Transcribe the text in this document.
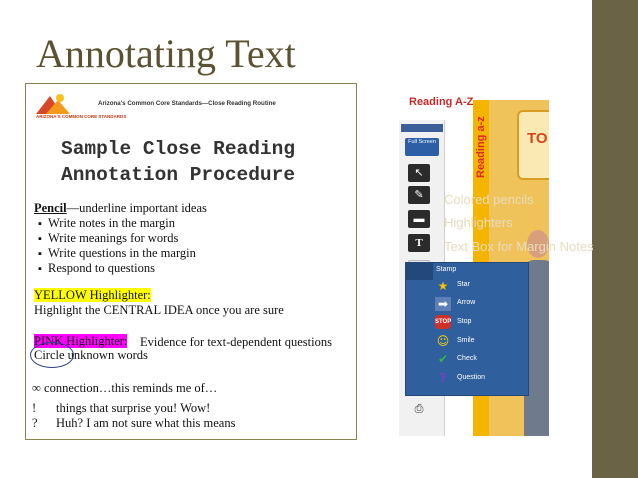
Annotating Text
ARIZONA'S COMMON CORE STANDARDS
Arizona's Common Core Standards—Close Reading Routine
Sample Close Reading
Annotation Procedure
Pencil—underline important ideas
▪ Write notes in the margin
▪ Write meanings for words
▪ Write questions in the margin
▪ Respond to questions
YELLOW Highlighter:
Highlight the CENTRAL IDEA once you are sure
PINK Highlighter:
Circle unknown words
∞ connection…this reminds me of…
! things that surprise you! Wow!
? Huh? I am not sure what this means
Evidence for text-dependent questions
Reading A-Z
Reading a-z	TO
Full Screen
↖
✎
▬
T
⎙
Stamp
★	Star
➡	Arrow
STOP Stop
☺ Smile
✔	Check
?	Question
Colored pencils
Highlighters
Text Box for Margin Notes
